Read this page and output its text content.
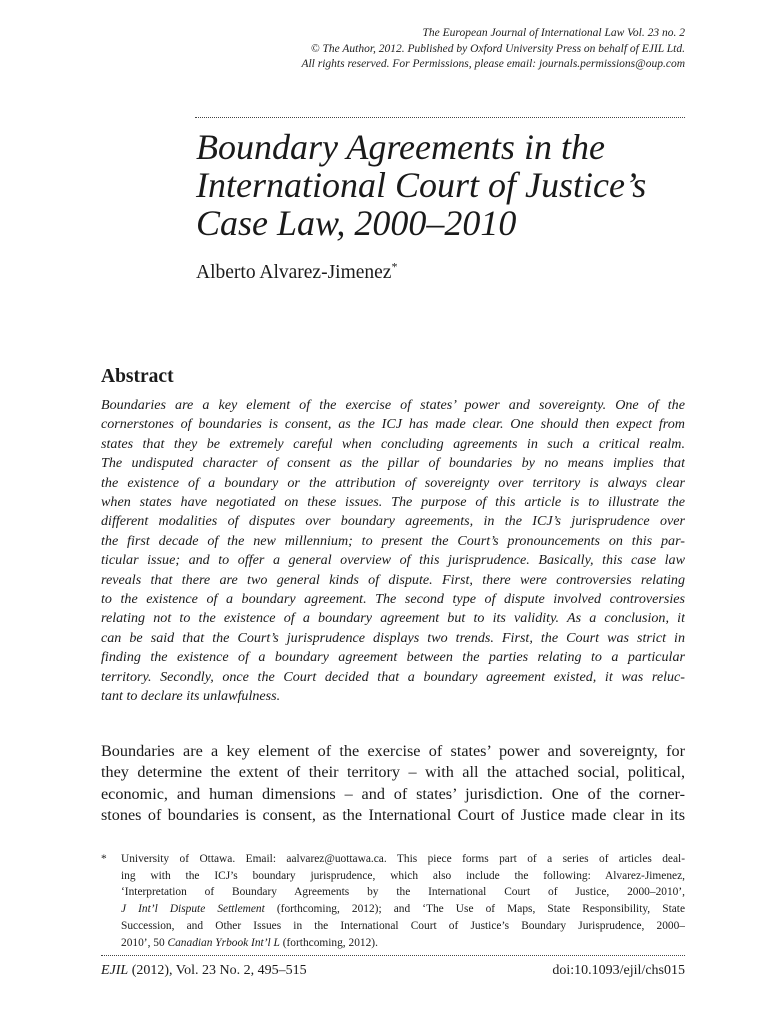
The European Journal of International Law Vol. 23 no. 2
© The Author, 2012. Published by Oxford University Press on behalf of EJIL Ltd.
All rights reserved. For Permissions, please email: journals.permissions@oup.com
Boundary Agreements in the
International Court of Justice’s
Case Law, 2000–2010
Alberto Alvarez-Jimenez*
Abstract
Boundaries are a key element of the exercise of states’ power and sovereignty. One of the
cornerstones of boundaries is consent, as the ICJ has made clear. One should then expect from
states that they be extremely careful when concluding agreements in such a critical realm.
The undisputed character of consent as the pillar of boundaries by no means implies that
the existence of a boundary or the attribution of sovereignty over territory is always clear
when states have negotiated on these issues. The purpose of this article is to illustrate the
different modalities of disputes over boundary agreements, in the ICJ’s jurisprudence over
the first decade of the new millennium; to present the Court’s pronouncements on this par-
ticular issue; and to offer a general overview of this jurisprudence. Basically, this case law
reveals that there are two general kinds of dispute. First, there were controversies relating
to the existence of a boundary agreement. The second type of dispute involved controversies
relating not to the existence of a boundary agreement but to its validity. As a conclusion, it
can be said that the Court’s jurisprudence displays two trends. First, the Court was strict in
finding the existence of a boundary agreement between the parties relating to a particular
territory. Secondly, once the Court decided that a boundary agreement existed, it was reluc-
tant to declare its unlawfulness.
Boundaries are a key element of the exercise of states’ power and sovereignty, for
they determine the extent of their territory – with all the attached social, political,
economic, and human dimensions – and of states’ jurisdiction. One of the corner-
stones of boundaries is consent, as the International Court of Justice made clear in its
* University of Ottawa. Email: aalvarez@uottawa.ca. This piece forms part of a series of articles deal-
ing with the ICJ’s boundary jurisprudence, which also include the following: Alvarez-Jimenez,
‘Interpretation of Boundary Agreements by the International Court of Justice, 2000–2010’,
J Int’l Dispute Settlement (forthcoming, 2012); and ‘The Use of Maps, State Responsibility, State
Succession, and Other Issues in the International Court of Justice’s Boundary Jurisprudence, 2000–
2010’, 50 Canadian Yrbook Int’l L (forthcoming, 2012).
EJIL (2012), Vol. 23 No. 2, 495–515	doi:10.1093/ejil/chs015
